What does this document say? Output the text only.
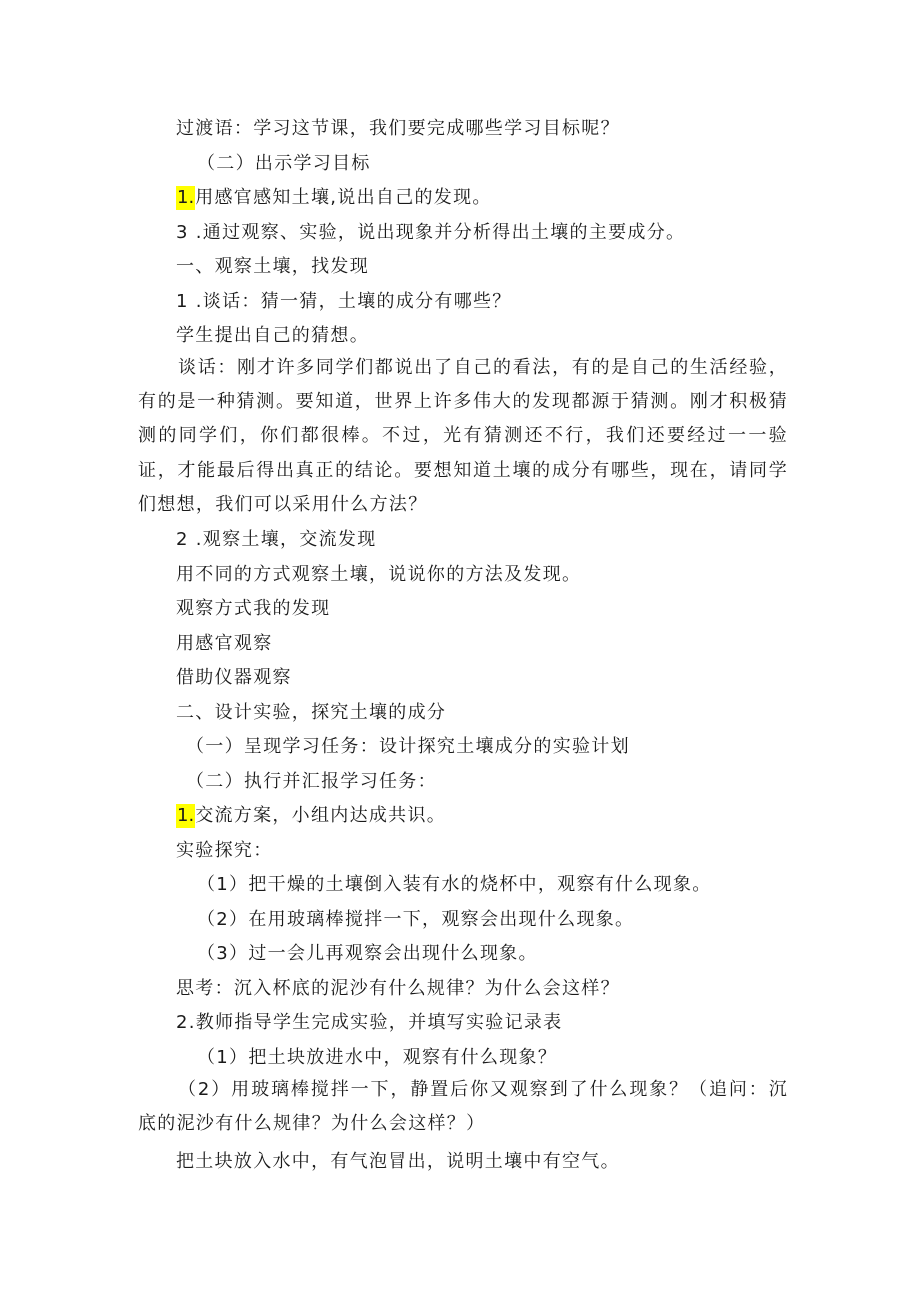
过渡语：学习这节课，我们要完成哪些学习目标呢？
（二）出示学习目标
1.用感官感知土壤,说出自己的发现。
3 .通过观察、实验，说出现象并分析得出土壤的主要成分。
一、观察土壤，找发现
1 .谈话：猜一猜，土壤的成分有哪些？
学生提出自己的猜想。
谈话：刚才许多同学们都说出了自己的看法，有的是自己的生活经验，有的是一种猜测。要知道，世界上许多伟大的发现都源于猜测。刚才积极猜测的同学们，你们都很棒。不过，光有猜测还不行，我们还要经过一一验证，才能最后得出真正的结论。要想知道土壤的成分有哪些，现在，请同学们想想，我们可以采用什么方法？
2 .观察土壤，交流发现
用不同的方式观察土壤，说说你的方法及发现。
观察方式我的发现
用感官观察
借助仪器观察
二、设计实验，探究土壤的成分
（一）呈现学习任务：设计探究土壤成分的实验计划
（二）执行并汇报学习任务：
1.交流方案，小组内达成共识。
实验探究：
（1）把干燥的土壤倒入装有水的烧杯中，观察有什么现象。
（2）在用玻璃棒搅拌一下，观察会出现什么现象。
（3）过一会儿再观察会出现什么现象。
思考：沉入杯底的泥沙有什么规律？为什么会这样？
2.教师指导学生完成实验，并填写实验记录表
（1）把土块放进水中，观察有什么现象？
（2）用玻璃棒搅拌一下，静置后你又观察到了什么现象？（追问：沉底的泥沙有什么规律？为什么会这样？）
把土块放入水中，有气泡冒出，说明土壤中有空气。
